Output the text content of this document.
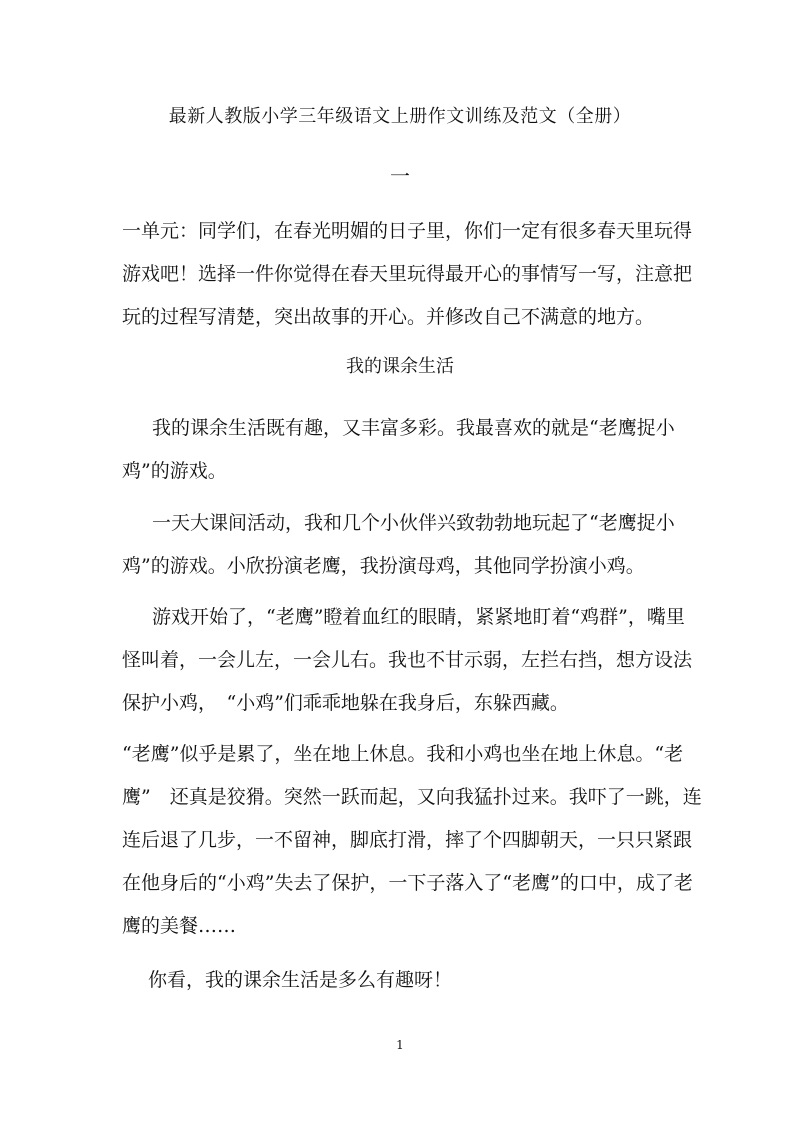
最新人教版小学三年级语文上册作文训练及范文（全册）
一

一单元：同学们，在春光明媚的日子里，你们一定有很多春天里玩得游戏吧！选择一件你觉得在春天里玩得最开心的事情写一写，注意把玩的过程写清楚，突出故事的开心。并修改自己不满意的地方。

我的课余生活

我的课余生活既有趣，又丰富多彩。我最喜欢的就是“老鹰捉小鸡”的游戏。

一天大课间活动，我和几个小伙伴兴致勃勃地玩起了“老鹰捉小鸡”的游戏。小欣扮演老鹰，我扮演母鸡，其他同学扮演小鸡。

游戏开始了，“老鹰”瞪着血红的眼睛，紧紧地盯着“鸡群”，嘴里怪叫着，一会儿左，一会儿右。我也不甘示弱，左拦右挡，想方设法保护小鸡，　“小鸡”们乖乖地躲在我身后，东躲西藏。

“老鹰”似乎是累了，坐在地上休息。我和小鸡也坐在地上休息。“老鹰”　还真是狡猾。突然一跃而起，又向我猛扑过来。我吓了一跳，连连后退了几步，一不留神，脚底打滑，摔了个四脚朝天，一只只紧跟在他身后的“小鸡”失去了保护，一下子落入了“老鹰”的口中，成了老鹰的美餐……

你看，我的课余生活是多么有趣呀！

1
